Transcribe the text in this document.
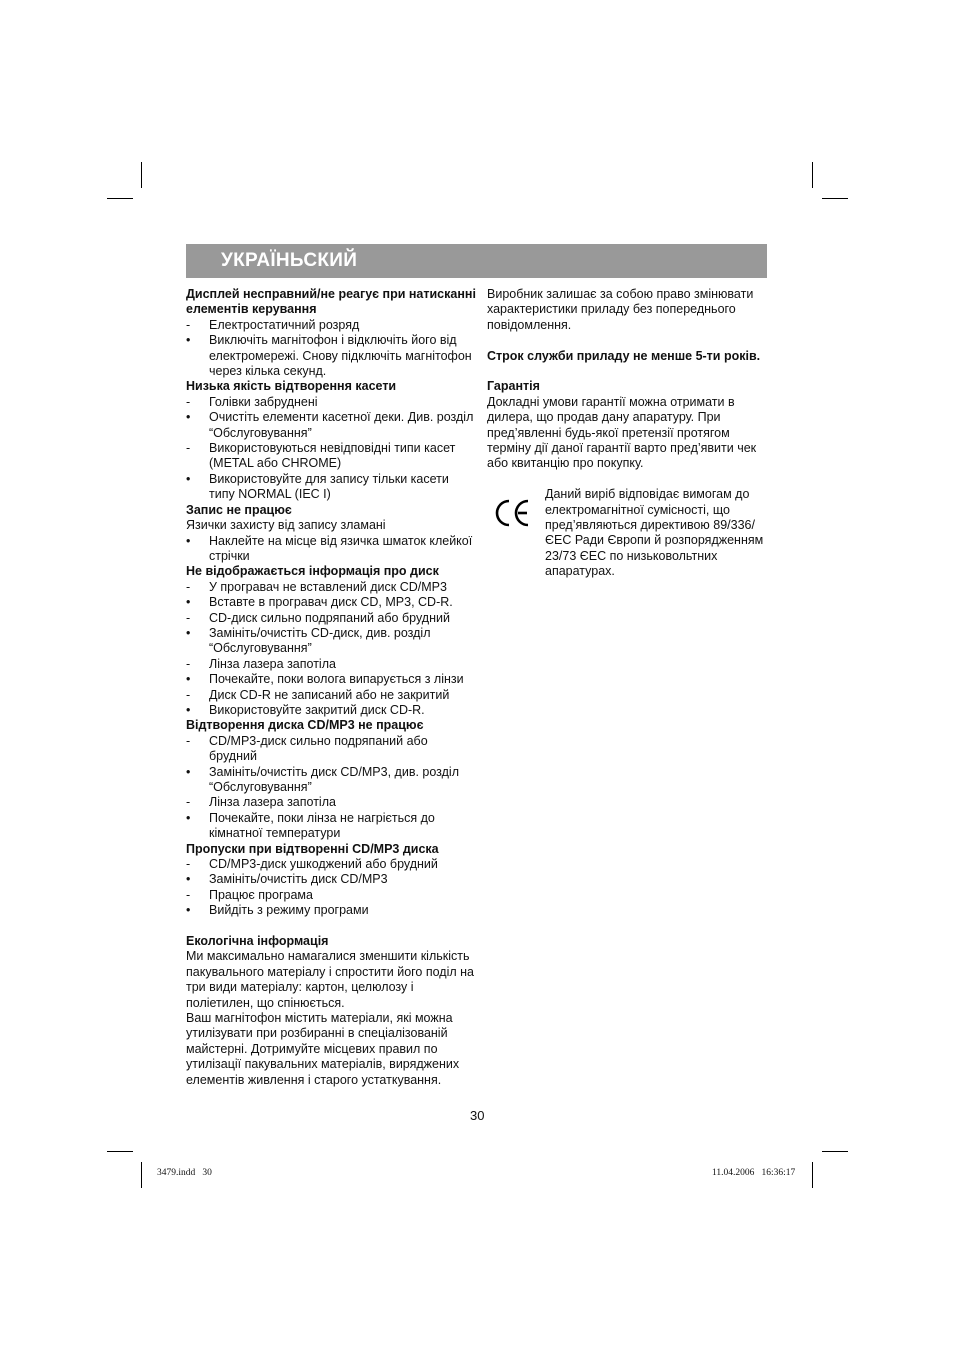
УКРАЇНЬСКИЙ

Дисплей несправний/не реагує при натисканні елементів керування

-	Електростатичний розряд
•	Виключіть магнітофон і відключіть його від електромережі. Снову підключіть магнітофон через кілька секунд.

Низька якість відтворення касети

-	Голівки забруднені
•	Очистіть елементи касетної деки. Див. розділ “Обслуговування”
-	Використовуються невідповідні типи касет (METAL або CHROME)
•	Використовуйте для запису тільки касети типу NORMAL (IEC I)

Запис не працює

Язички захисту від запису зламані

•	Наклейте на місце від язичка шматок клейкої стрічки

Не відображається інформація про диск

-	У програвач не вставлений диск CD/MP3
•	Вставте в програвач диск CD, MP3, CD-R.
-	CD-диск сильно подряпаний або брудний
•	Замініть/очистіть CD-диск, див. розділ “Обслуговування”
-	Лінза лазера запотіла
•	Почекайте, поки волога випарується з лінзи
-	Диск CD-R не записаний або не закритий
•	Використовуйте закритий диск CD-R.

Відтворення диска CD/MP3 не працює

-	CD/MP3-диск сильно подряпаний або брудний
•	Замініть/очистіть диск CD/MP3, див. розділ “Обслуговування”
-	Лінза лазера запотіла
•	Почекайте, поки лінза не нагріється до кімнатної температури

Пропуски при відтворенні CD/MP3 диска

-	CD/MP3-диск ушкоджений або брудний
•	Замініть/очистіть диск CD/MP3
-	Працює програма
•	Вийдіть з режиму програми

Екологічна інформація

Ми максимально намагалися зменшити кількість пакувального матеріалу і спростити його поділ на три види матеріалу: картон, целюлозу і поліетилен, що спінюється.

Ваш магнітофон містить матеріали, які можна утилізувати при розбиранні в спеціалізованій майстерні. Дотримуйте місцевих правил по утилізації пакувальних матеріалів, виряджених елементів живлення і старого устаткування.

Виробник залишає за собою право змінювати характеристики приладу без попереднього повідомлення.

Строк служби приладу не менше 5-ти років.

Гарантія

Докладні умови гарантії можна отримати в дилера, що продав дану апаратуру. При пред’явленні будь-якої претензії протягом терміну дії даної гарантії варто пред’явити чек або квитанцію про покупку.

Даний виріб відповідає вимогам до електромагнітної сумісності, що пред’являються директивою 89/336/ЄЕС Ради Європи й розпорядженням 23/73 ЄЕС по низьковольтних апаратурах.

30
3479.indd   30	11.04.2006   16:36:17
